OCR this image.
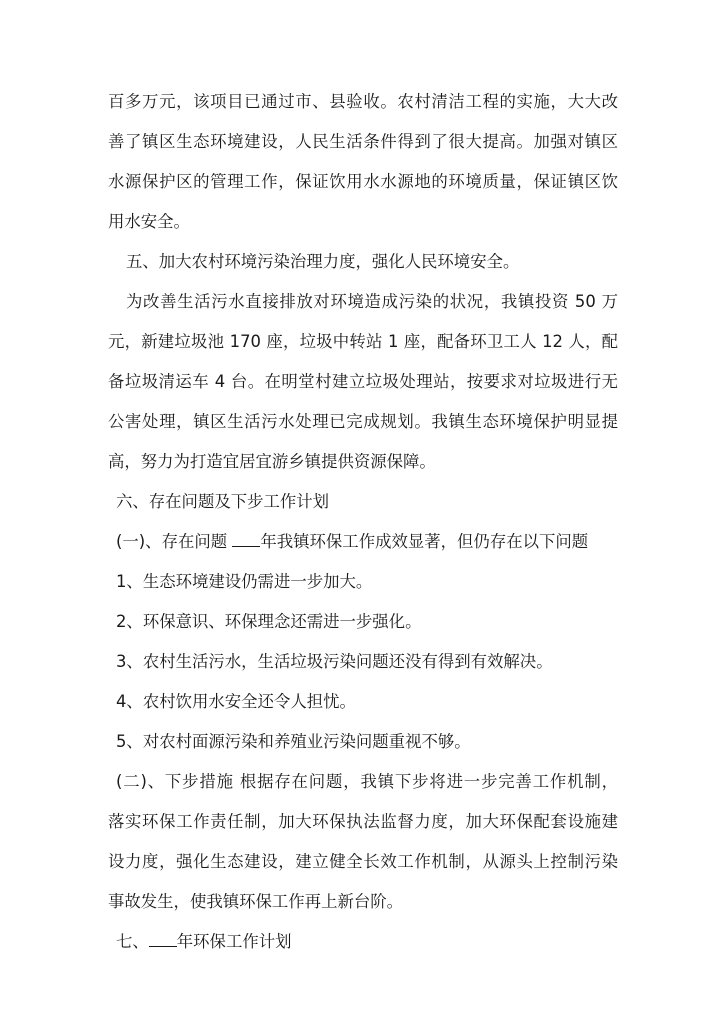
百多万元，该项目已通过市、县验收。农村清洁工程的实施，大大改
善了镇区生态环境建设，人民生活条件得到了很大提高。加强对镇区
水源保护区的管理工作，保证饮用水水源地的环境质量，保证镇区饮
用水安全。
五、加大农村环境污染治理力度，强化人民环境安全。
为改善生活污水直接排放对环境造成污染的状况，我镇投资 50 万
元，新建垃圾池 170 座，垃圾中转站 1 座，配备环卫工人 12 人，配
备垃圾清运车 4 台。在明堂村建立垃圾处理站，按要求对垃圾进行无
公害处理，镇区生活污水处理已完成规划。我镇生态环境保护明显提
高，努力为打造宜居宜游乡镇提供资源保障。
六、存在问题及下步工作计划
(一)、存在问题 年我镇环保工作成效显著，但仍存在以下问题
1、生态环境建设仍需进一步加大。
2、环保意识、环保理念还需进一步强化。
3、农村生活污水，生活垃圾污染问题还没有得到有效解决。
4、农村饮用水安全还令人担忧。
5、对农村面源污染和养殖业污染问题重视不够。
(二)、下步措施 根据存在问题，我镇下步将进一步完善工作机制，
落实环保工作责任制，加大环保执法监督力度，加大环保配套设施建
设力度，强化生态建设，建立健全长效工作机制，从源头上控制污染
事故发生，使我镇环保工作再上新台阶。
七、 年环保工作计划
